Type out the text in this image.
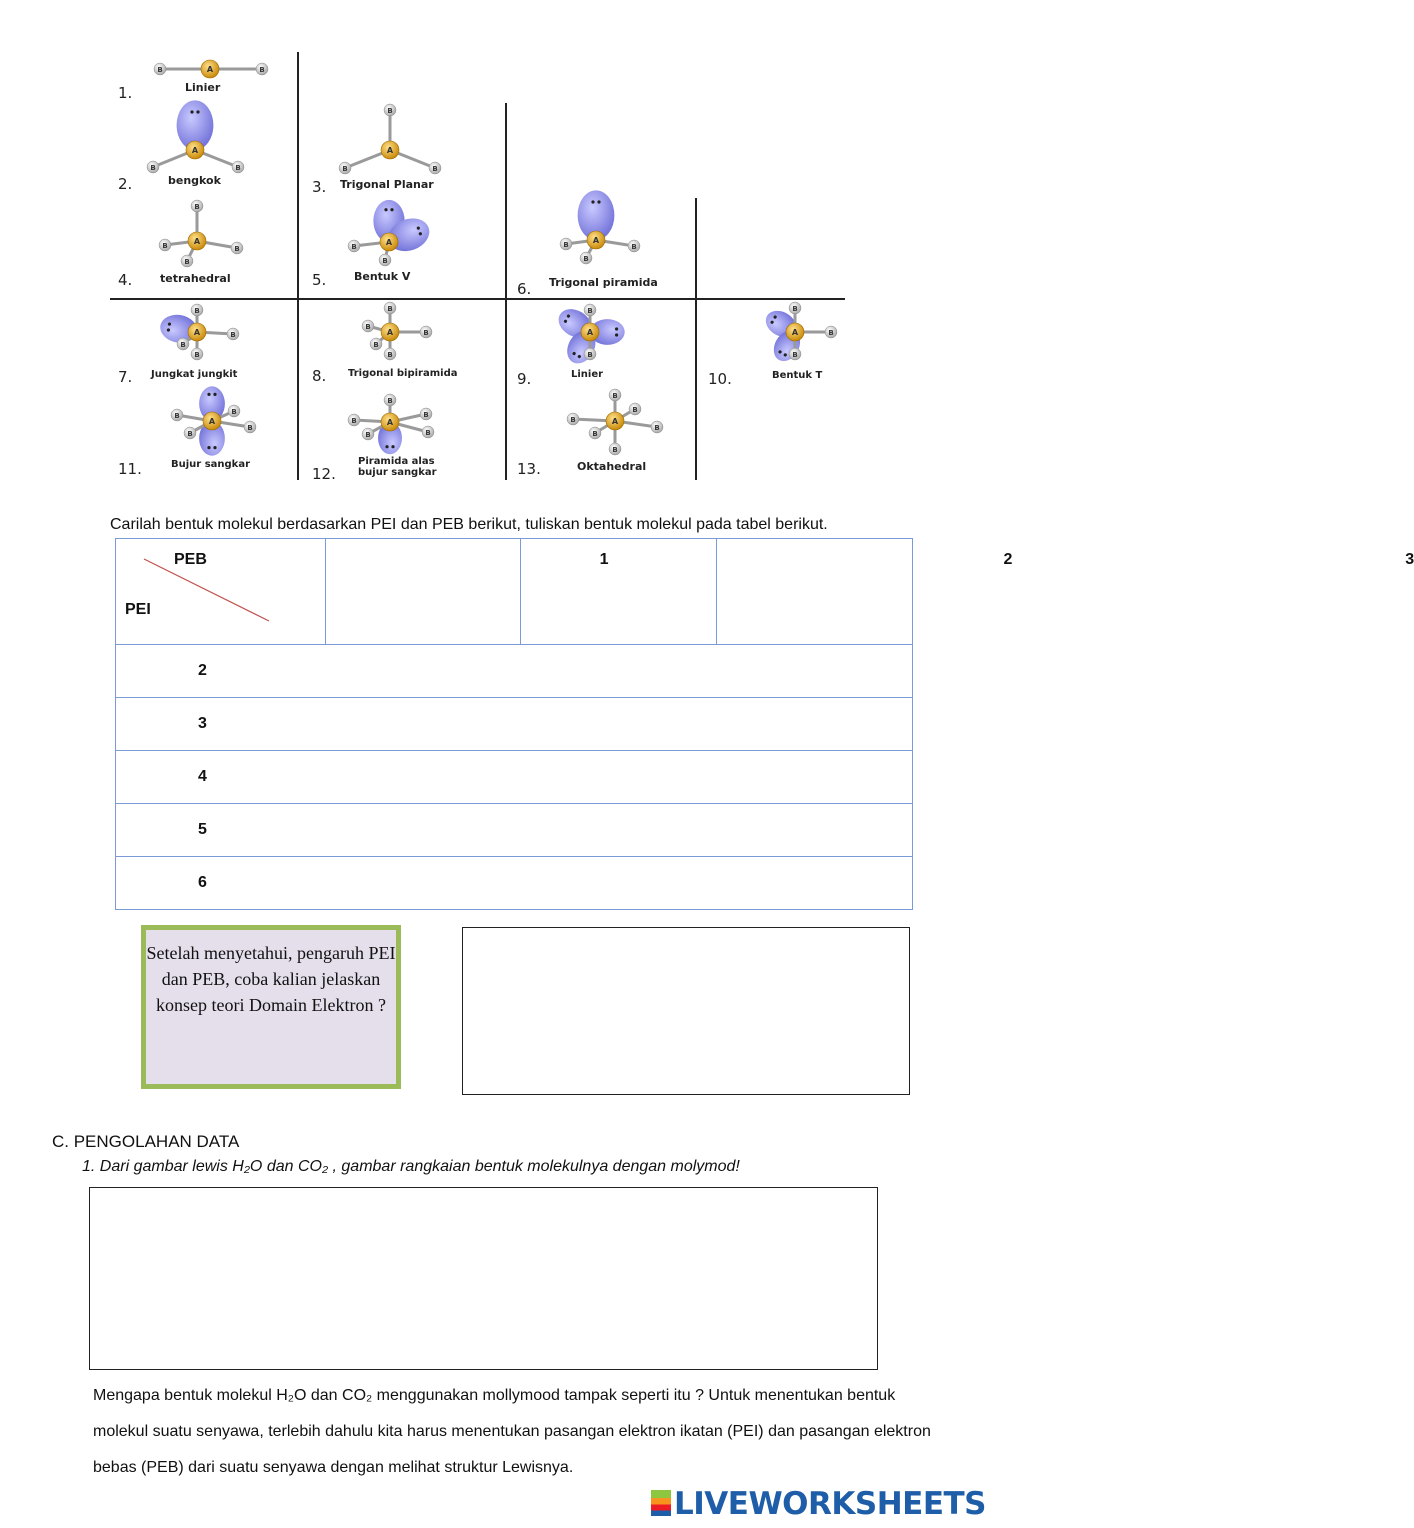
A
B	B
A
B	B
A
B
B	B
A
B
B	B
B
A
B
B
A
B	B
B
A
B
B
B
B
A
B
B
B
B
B
A
B
B
A
B
B
B
A
B	B
B
B
A
B
B
B
B	B
A
B
B
B
B
B
B
1.	Linier
2.	bengkok	3. Trigonal Planar
4.	tetrahedral	5.	Bentuk V
6. Trigonal piramida
7. Jungkat jungkit	8. Trigonal bipiramida	9.	Linier	10.	Bentuk T
11.	Bujur sangkar
12.
Piramida alas bujur sangkar	13.	Oktahedral
Carilah bentuk molekul berdasarkan PEI dan PEB berikut, tuliskan bentuk molekul pada tabel berikut.
PEB
PEI

1	2	3

2
3
4
5
6
Setelah menyetahui, pengaruh PEI dan PEB, coba kalian jelaskan konsep teori Domain Elektron ?
C. PENGOLAHAN DATA
1. Dari gambar lewis H₂O dan CO₂ , gambar rangkaian bentuk molekulnya dengan molymod!
Mengapa bentuk molekul H₂O dan CO₂ menggunakan mollymood tampak seperti itu ? Untuk menentukan bentuk molekul suatu senyawa, terlebih dahulu kita harus menentukan pasangan elektron ikatan (PEI) dan pasangan elektron bebas (PEB) dari suatu senyawa dengan melihat struktur Lewisnya.
LIVEWORKSHEETS
